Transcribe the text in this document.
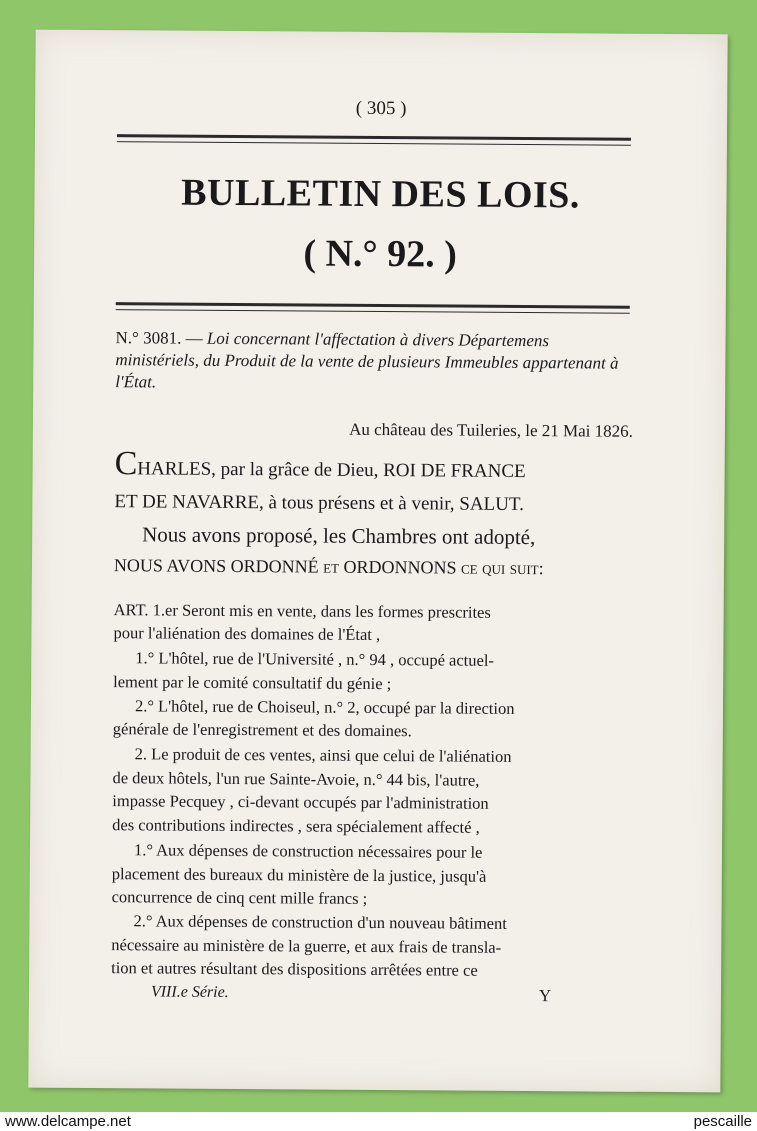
( 305 )
BULLETIN DES LOIS.
( N.° 92. )
N.° 3081. — Loi concernant l'affectation à divers Départemens ministériels, du Produit de la vente de plusieurs Immeubles appartenant à l'État.
Au château des Tuileries, le 21 Mai 1826.
CHARLES, par la grâce de Dieu, ROI DE FRANCE
ET DE NAVARRE, à tous présens et à venir, SALUT.
Nous avons proposé, les Chambres ont adopté,
NOUS AVONS ORDONNÉ et ORDONNONS ce qui suit:
ART. 1.er Seront mis en vente, dans les formes prescrites
pour l'aliénation des domaines de l'État ,
1.° L'hôtel, rue de l'Université , n.° 94 , occupé actuel-
lement par le comité consultatif du génie ;
2.° L'hôtel, rue de Choiseul, n.° 2, occupé par la direction
générale de l'enregistrement et des domaines.
2. Le produit de ces ventes, ainsi que celui de l'aliénation
de deux hôtels, l'un rue Sainte-Avoie, n.° 44 bis, l'autre,
impasse Pecquey , ci-devant occupés par l'administration
des contributions indirectes , sera spécialement affecté ,
1.° Aux dépenses de construction nécessaires pour le
placement des bureaux du ministère de la justice, jusqu'à
concurrence de cinq cent mille francs ;
2.° Aux dépenses de construction d'un nouveau bâtiment
nécessaire au ministère de la guerre, et aux frais de transla-
tion et autres résultant des dispositions arrêtées entre ce
VIII.e Série.	Y
www.delcampe.net	pescaille
